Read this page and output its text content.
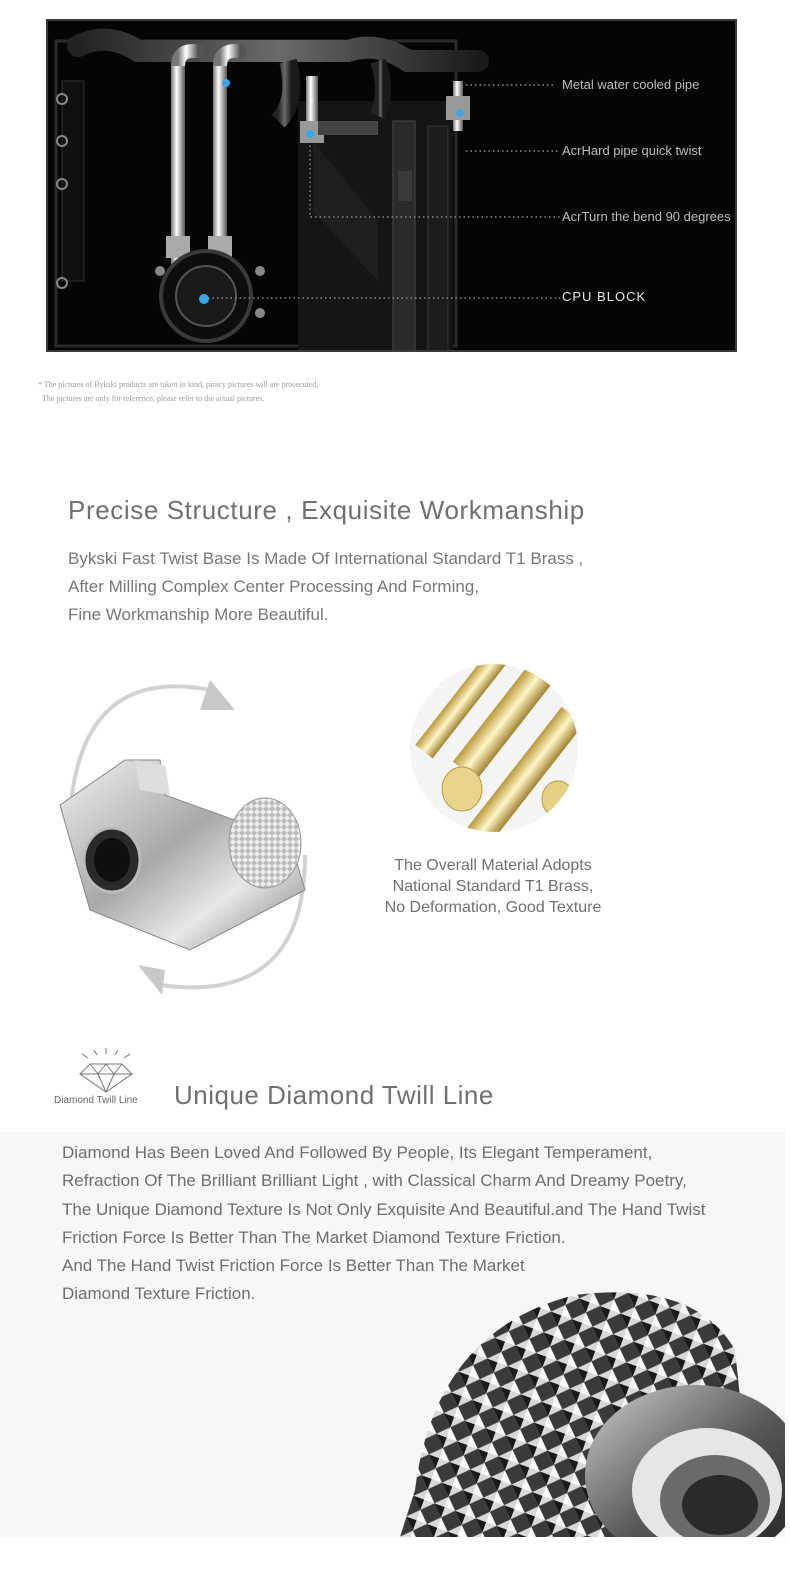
Metal water cooled pipe
AcrHard pipe quick twist
AcrTurn the bend 90 degrees
CPU BLOCK
* The pictures of Bykski products are taken in kind, piracy pictures will are prosecuted,
The pictures are only for reference, please refer to the actual pictures.
Precise Structure , Exquisite Workmanship
Bykski Fast Twist Base Is Made Of International Standard T1 Brass ,
After Milling Complex Center Processing And Forming,
Fine Workmanship More Beautiful.
The Overall Material Adopts
National Standard T1 Brass,
No Deformation, Good Texture
Diamond Twill Line Unique Diamond Twill Line
Diamond Has Been Loved And Followed By People, Its Elegant Temperament,
Refraction Of The Brilliant Brilliant Light , with Classical Charm And Dreamy Poetry,
The Unique Diamond Texture Is Not Only Exquisite And Beautiful.and The Hand Twist
Friction Force Is Better Than The Market Diamond Texture Friction.
And The Hand Twist Friction Force Is Better Than The Market
Diamond Texture Friction.
